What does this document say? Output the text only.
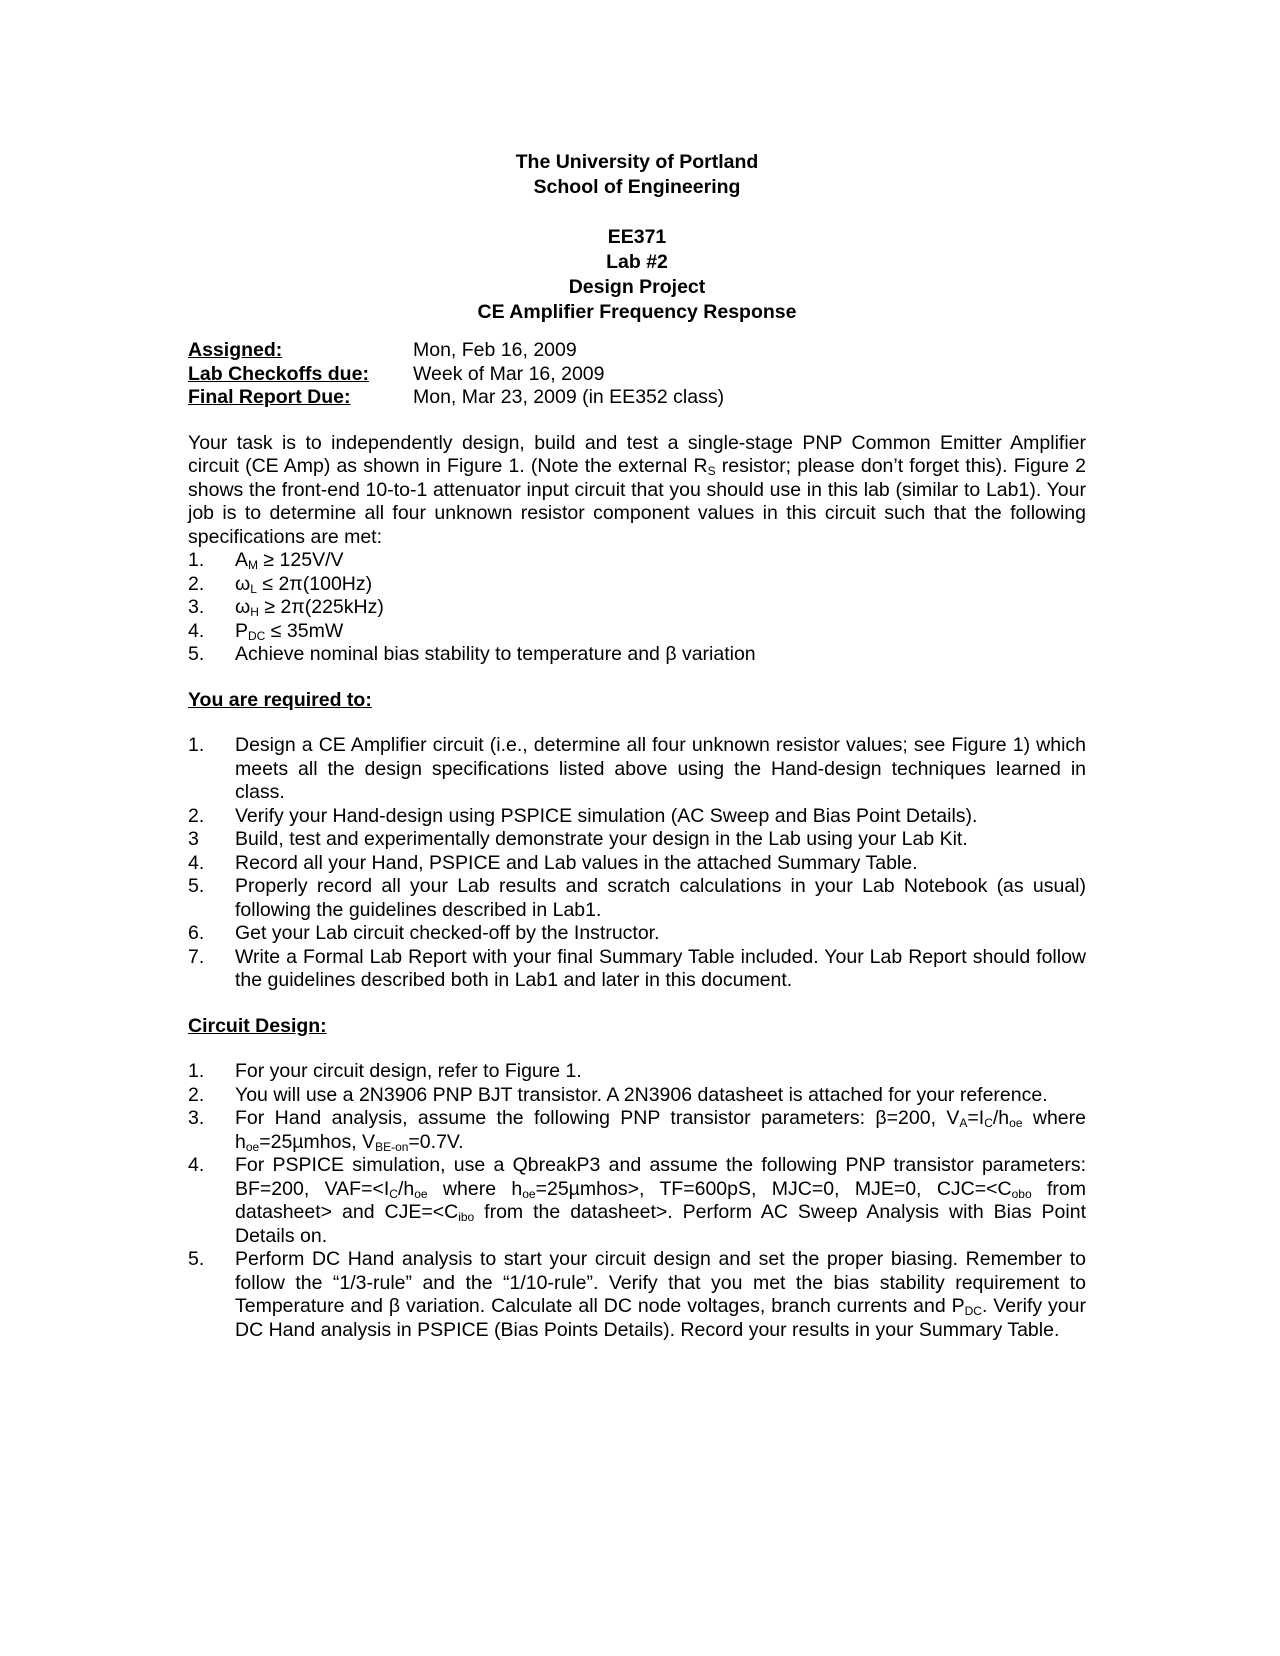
The University of Portland
School of Engineering
EE371
Lab #2
Design Project
CE Amplifier Frequency Response
Assigned:	Mon, Feb 16, 2009
Lab Checkoffs due:	Week of Mar 16, 2009
Final Report Due:	Mon, Mar 23, 2009 (in EE352 class)

Your task is to independently design, build and test a single-stage PNP Common Emitter Amplifier circuit (CE Amp) as shown in Figure 1. (Note the external $R_S$ resistor; please don’t forget this). Figure 2 shows the front-end 10-to-1 attenuator input circuit that you should use in this lab (similar to Lab1). Your job is to determine all four unknown resistor component values in this circuit such that the following specifications are met:

1.	$A_M \ge 125V/V$
2.	$\omega_L \le 2\pi(100Hz)$
3.	$\omega_H \ge 2\pi(225kHz)$
4.	$P_{DC} \le 35mW$
5.	Achieve nominal bias stability to temperature and β variation
You are required to:
1.	Design a CE Amplifier circuit (i.e., determine all four unknown resistor values; see Figure 1) which meets all the design specifications listed above using the Hand-design techniques learned in class.
2.	Verify your Hand-design using PSPICE simulation (AC Sweep and Bias Point Details).
3	Build, test and experimentally demonstrate your design in the Lab using your Lab Kit.
4.	Record all your Hand, PSPICE and Lab values in the attached Summary Table.
5.	Properly record all your Lab results and scratch calculations in your Lab Notebook (as usual) following the guidelines described in Lab1.
6.	Get your Lab circuit checked-off by the Instructor.
7.	Write a Formal Lab Report with your final Summary Table included. Your Lab Report should follow the guidelines described both in Lab1 and later in this document.
Circuit Design:
1.	For your circuit design, refer to Figure 1.
2.	You will use a 2N3906 PNP BJT transistor. A 2N3906 datasheet is attached for your reference.
3.	For Hand analysis, assume the following PNP transistor parameters: β=200, $V_A=I_C/h_{oe}$ where $h_{oe}=25\mu mhos$, $V_{BE-on}=0.7V$.
4.	For PSPICE simulation, use a QbreakP3 and assume the following PNP transistor parameters: BF=200, $VAF=<I_C/h_{oe}$ where $h_{oe}=25\mu mhos>$, TF=600pS, MJC=0, MJE=0, $CJC=<C_{obo}$ from datasheet> and $CJE=<C_{ibo}$ from the datasheet>. Perform AC Sweep Analysis with Bias Point Details on.
5.	Perform DC Hand analysis to start your circuit design and set the proper biasing. Remember to follow the “1/3-rule” and the “1/10-rule”. Verify that you met the bias stability requirement to Temperature and β variation. Calculate all DC node voltages, branch currents and $P_{DC}$. Verify your DC Hand analysis in PSPICE (Bias Points Details). Record your results in your Summary Table.
